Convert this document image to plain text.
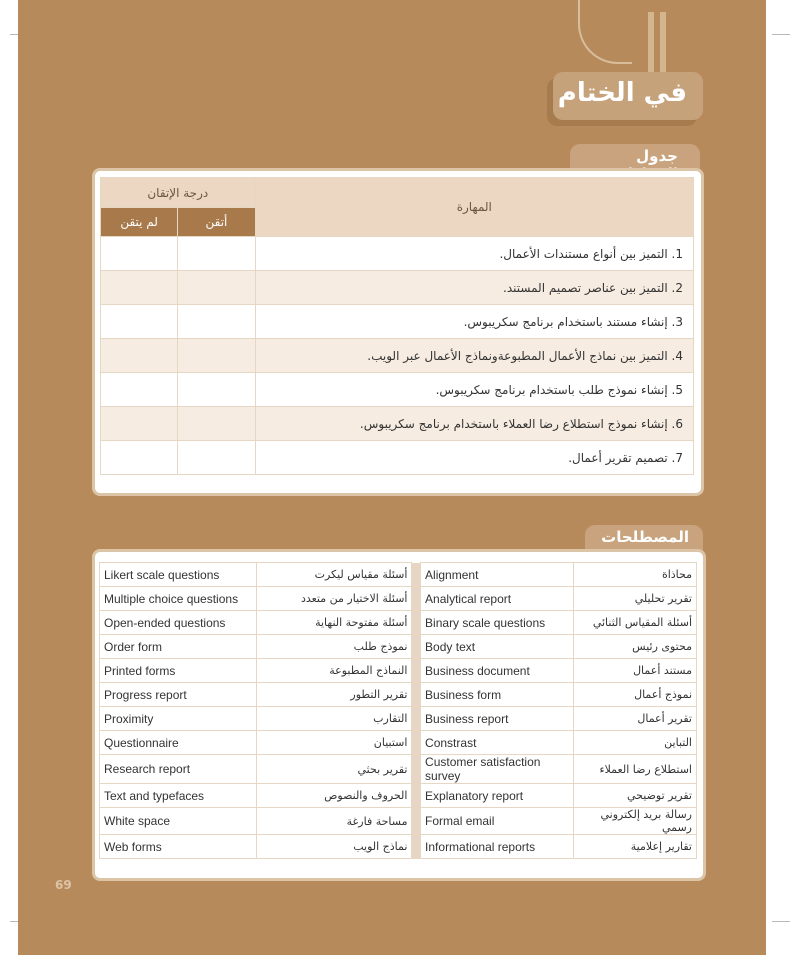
في الختام
جدول
درجة الإتقان		المهارة
لم يتقن	أتقن	
		1. التميز بين أنواع مستندات الأعمال.
		2. التميز بين عناصر تصميم المستند.
		3. إنشاء مستند باستخدام برنامج سكريبوس.
		4. التميز بين نماذج الأعمال المطبوعةونماذج الأعمال عبر الويب.
		5. إنشاء نموذج طلب باستخدام برنامج سكريبوس.
		6. إنشاء نموذج استطلاع رضا العملاء باستخدام برنامج سكريبوس.
		7. تصميم تقرير أعمال.
المصطلحات
Likert scale questions	أسئلة مقياس ليكرت		Alignment	محاذاة
Multiple choice questions	أسئلة الاختيار من متعدد		Analytical report	تقرير تحليلي
Open-ended questions	أسئلة مفتوحة النهاية		Binary scale questions	أسئلة المقياس الثنائي
Order form	نموذج طلب		Body text	محتوى رئيس
Printed forms	النماذج المطبوعة		Business document	مستند أعمال
Progress report	تقرير التطور		Business form	نموذج أعمال
Proximity	التقارب		Business report	تقرير أعمال
Questionnaire	استبيان		Constrast	التباين
Research report	تقرير بحثي		Customer satisfaction survey	استطلاع رضا العملاء
Text and typefaces	الحروف والنصوص		Explanatory report	تقرير توضيحي
White space	مساحة فارغة		Formal email	رسالة بريد إلكتروني رسمي
Web forms	نماذج الويب		Informational reports	تقارير إعلامية
69
